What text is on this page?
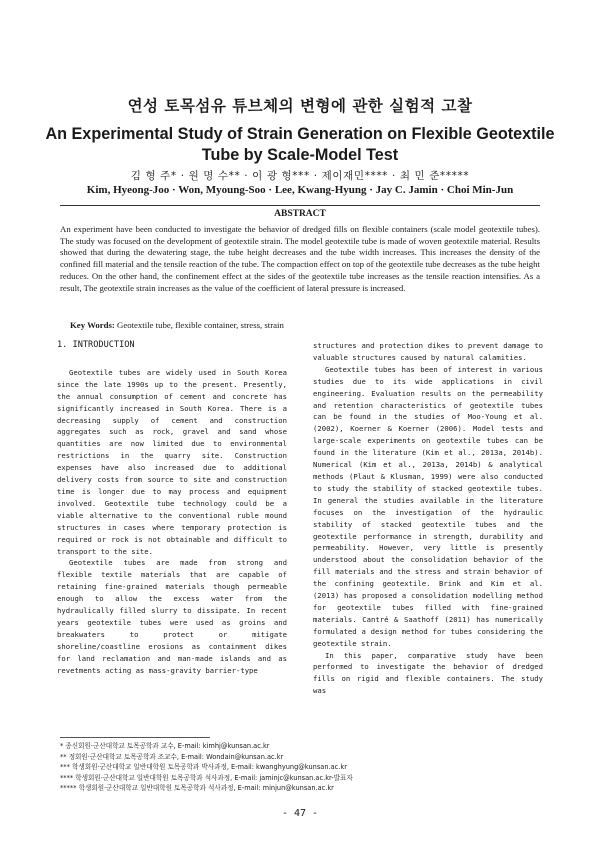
연성 토목섬유 튜브체의 변형에 관한 실험적 고찰
An Experimental Study of Strain Generation on Flexible Geotextile Tube by Scale-Model Test
김 형 주* · 원 명 수** · 이 광 형*** · 제이재민**** · 최 민 준*****
Kim, Hyeong-Joo · Won, Myoung-Soo · Lee, Kwang-Hyung · Jay C. Jamin · Choi Min-Jun
ABSTRACT
An experiment have been conducted to investigate the behavior of dredged fills on flexible containers (scale model geotextile tubes). The study was focused on the development of geotextile strain. The model geotextile tube is made of woven geotextile material. Results showed that during the dewatering stage, the tube height decreases and the tube width increases. This increases the density of the confined fill material and the tensile reaction of the tube. The compaction effect on top of the geotextile tube decreases as the tube height reduces. On the other hand, the confinement effect at the sides of the geotextile tube increases as the tensile reaction intensifies. As a result, The geotextile strain increases as the value of the coefficient of lateral pressure is increased.
Key Words: Geotextile tube, flexible container, stress, strain
1. INTRODUCTION

Geotextile tubes are widely used in South Korea since the late 1990s up to the present. Presently, the annual consumption of cement and concrete has significantly increased in South Korea. There is a decreasing supply of cement and construction aggregates such as rock, gravel and sand whose quantities are now limited due to environmental restrictions in the quarry site. Construction expenses have also increased due to additional delivery costs from source to site and construction time is longer due to may process and equipment involved. Geotextile tube technology could be a viable alternative to the conventional ruble mound structures in cases where temporary protection is required or rock is not obtainable and difficult to transport to the site.

Geotextile tubes are made from strong and flexible textile materials that are capable of retaining fine-grained materials though permeable enough to allow the excess water from the hydraulically filled slurry to dissipate. In recent years geotextile tubes were used as groins and breakwaters to protect or mitigate shoreline/coastline erosions as containment dikes for land reclamation and man-made islands and as revetments acting as mass-gravity barrier-type

structures and protection dikes to prevent damage to valuable structures caused by natural calamities.

Geotextile tubes has been of interest in various studies due to its wide applications in civil engineering. Evaluation results on the permeability and retention characteristics of geotextile tubes can be found in the studies of Moo-Young et al. (2002), Koerner & Koerner (2006). Model tests and large-scale experiments on geotextile tubes can be found in the literature (Kim et al., 2013a, 2014b). Numerical (Kim et al., 2013a, 2014b) & analytical methods (Plaut & Klusman, 1999) were also conducted to study the stability of stacked geotextile tubes. In general the studies available in the literature focuses on the investigation of the hydraulic stability of stacked geotextile tubes and the geotextile performance in strength, durability and permeability. However, very little is presently understood about the consolidation behavior of the fill materials and the stress and strain behavior of the confining geotextile. Brink and Kim et al. (2013) has proposed a consolidation modelling method for geotextile tubes filled with fine-grained materials. Cantré & Saathoff (2011) has numerically formulated a design method for tubes considering the geotextile strain.

In this paper, comparative study have been performed to investigate the behavior of dredged fills on rigid and flexible containers. The study was

* 종신회원·군산대학교 토목공학과 교수, E-mail: kimhj@kunsan.ac.kr
** 정회원·군산대학교 토목공학과 조교수, E-mail: Wondain@kunsan.ac.kr
*** 학생회원·군산대학교 일반대학원 토목공학과 박사과정, E-mail: kwanghyung@kunsan.ac.kr
**** 학생회원·군산대학교 일반대학원 토목공학과 석사과정, E-mail: jaminjc@kunsan.ac.kr-발표자
***** 학생회원·군산대학교 일반대학원 토목공학과 석사과정, E-mail: minjun@kunsan.ac.kr
- 47 -
